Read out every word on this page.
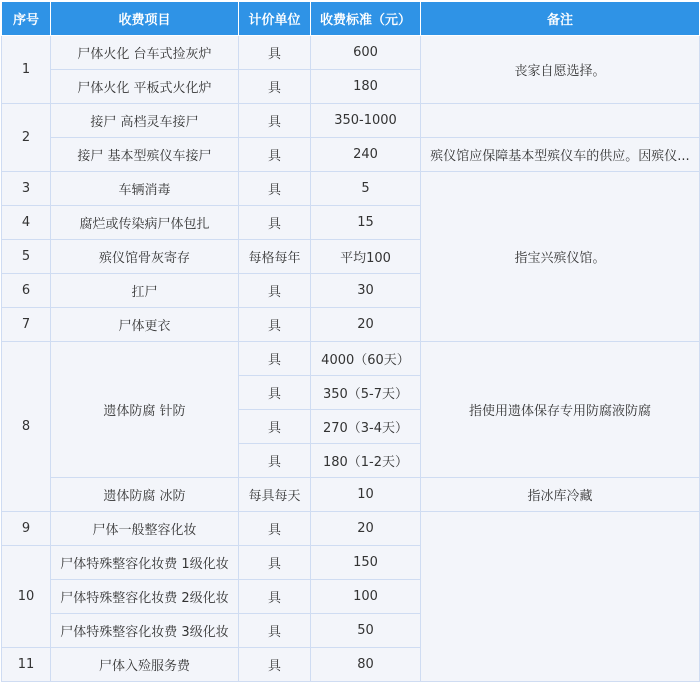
序号	收费项目	计价单位	收费标准（元）	备注
1	尸体火化 台车式捡灰炉	具	600	丧家自愿选择。
	尸体火化 平板式火化炉	具	180	
2	接尸 高档灵车接尸	具	350-1000	
	接尸 基本型殡仪车接尸	具	240	殡仪馆应保障基本型殡仪车的供应。因殡仪...
3	车辆消毒	具	5	指宝兴殡仪馆。
4	腐烂或传染病尸体包扎	具	15	
5	殡仪馆骨灰寄存	每格每年	平均100	
6	扛尸	具	30	
7	尸体更衣	具	20	
8	遗体防腐 针防	具	4000（60天）	指使用遗体保存专用防腐液防腐
		具	350（5-7天）	
		具	270（3-4天）	
		具	180（1-2天）	
	遗体防腐 冰防	每具每天	10	指冰库冷藏
9	尸体一般整容化妆	具	20	
10	尸体特殊整容化妆费 1级化妆	具	150	
	尸体特殊整容化妆费 2级化妆	具	100	
	尸体特殊整容化妆费 3级化妆	具	50	
11	尸体入殓服务费	具	80	
